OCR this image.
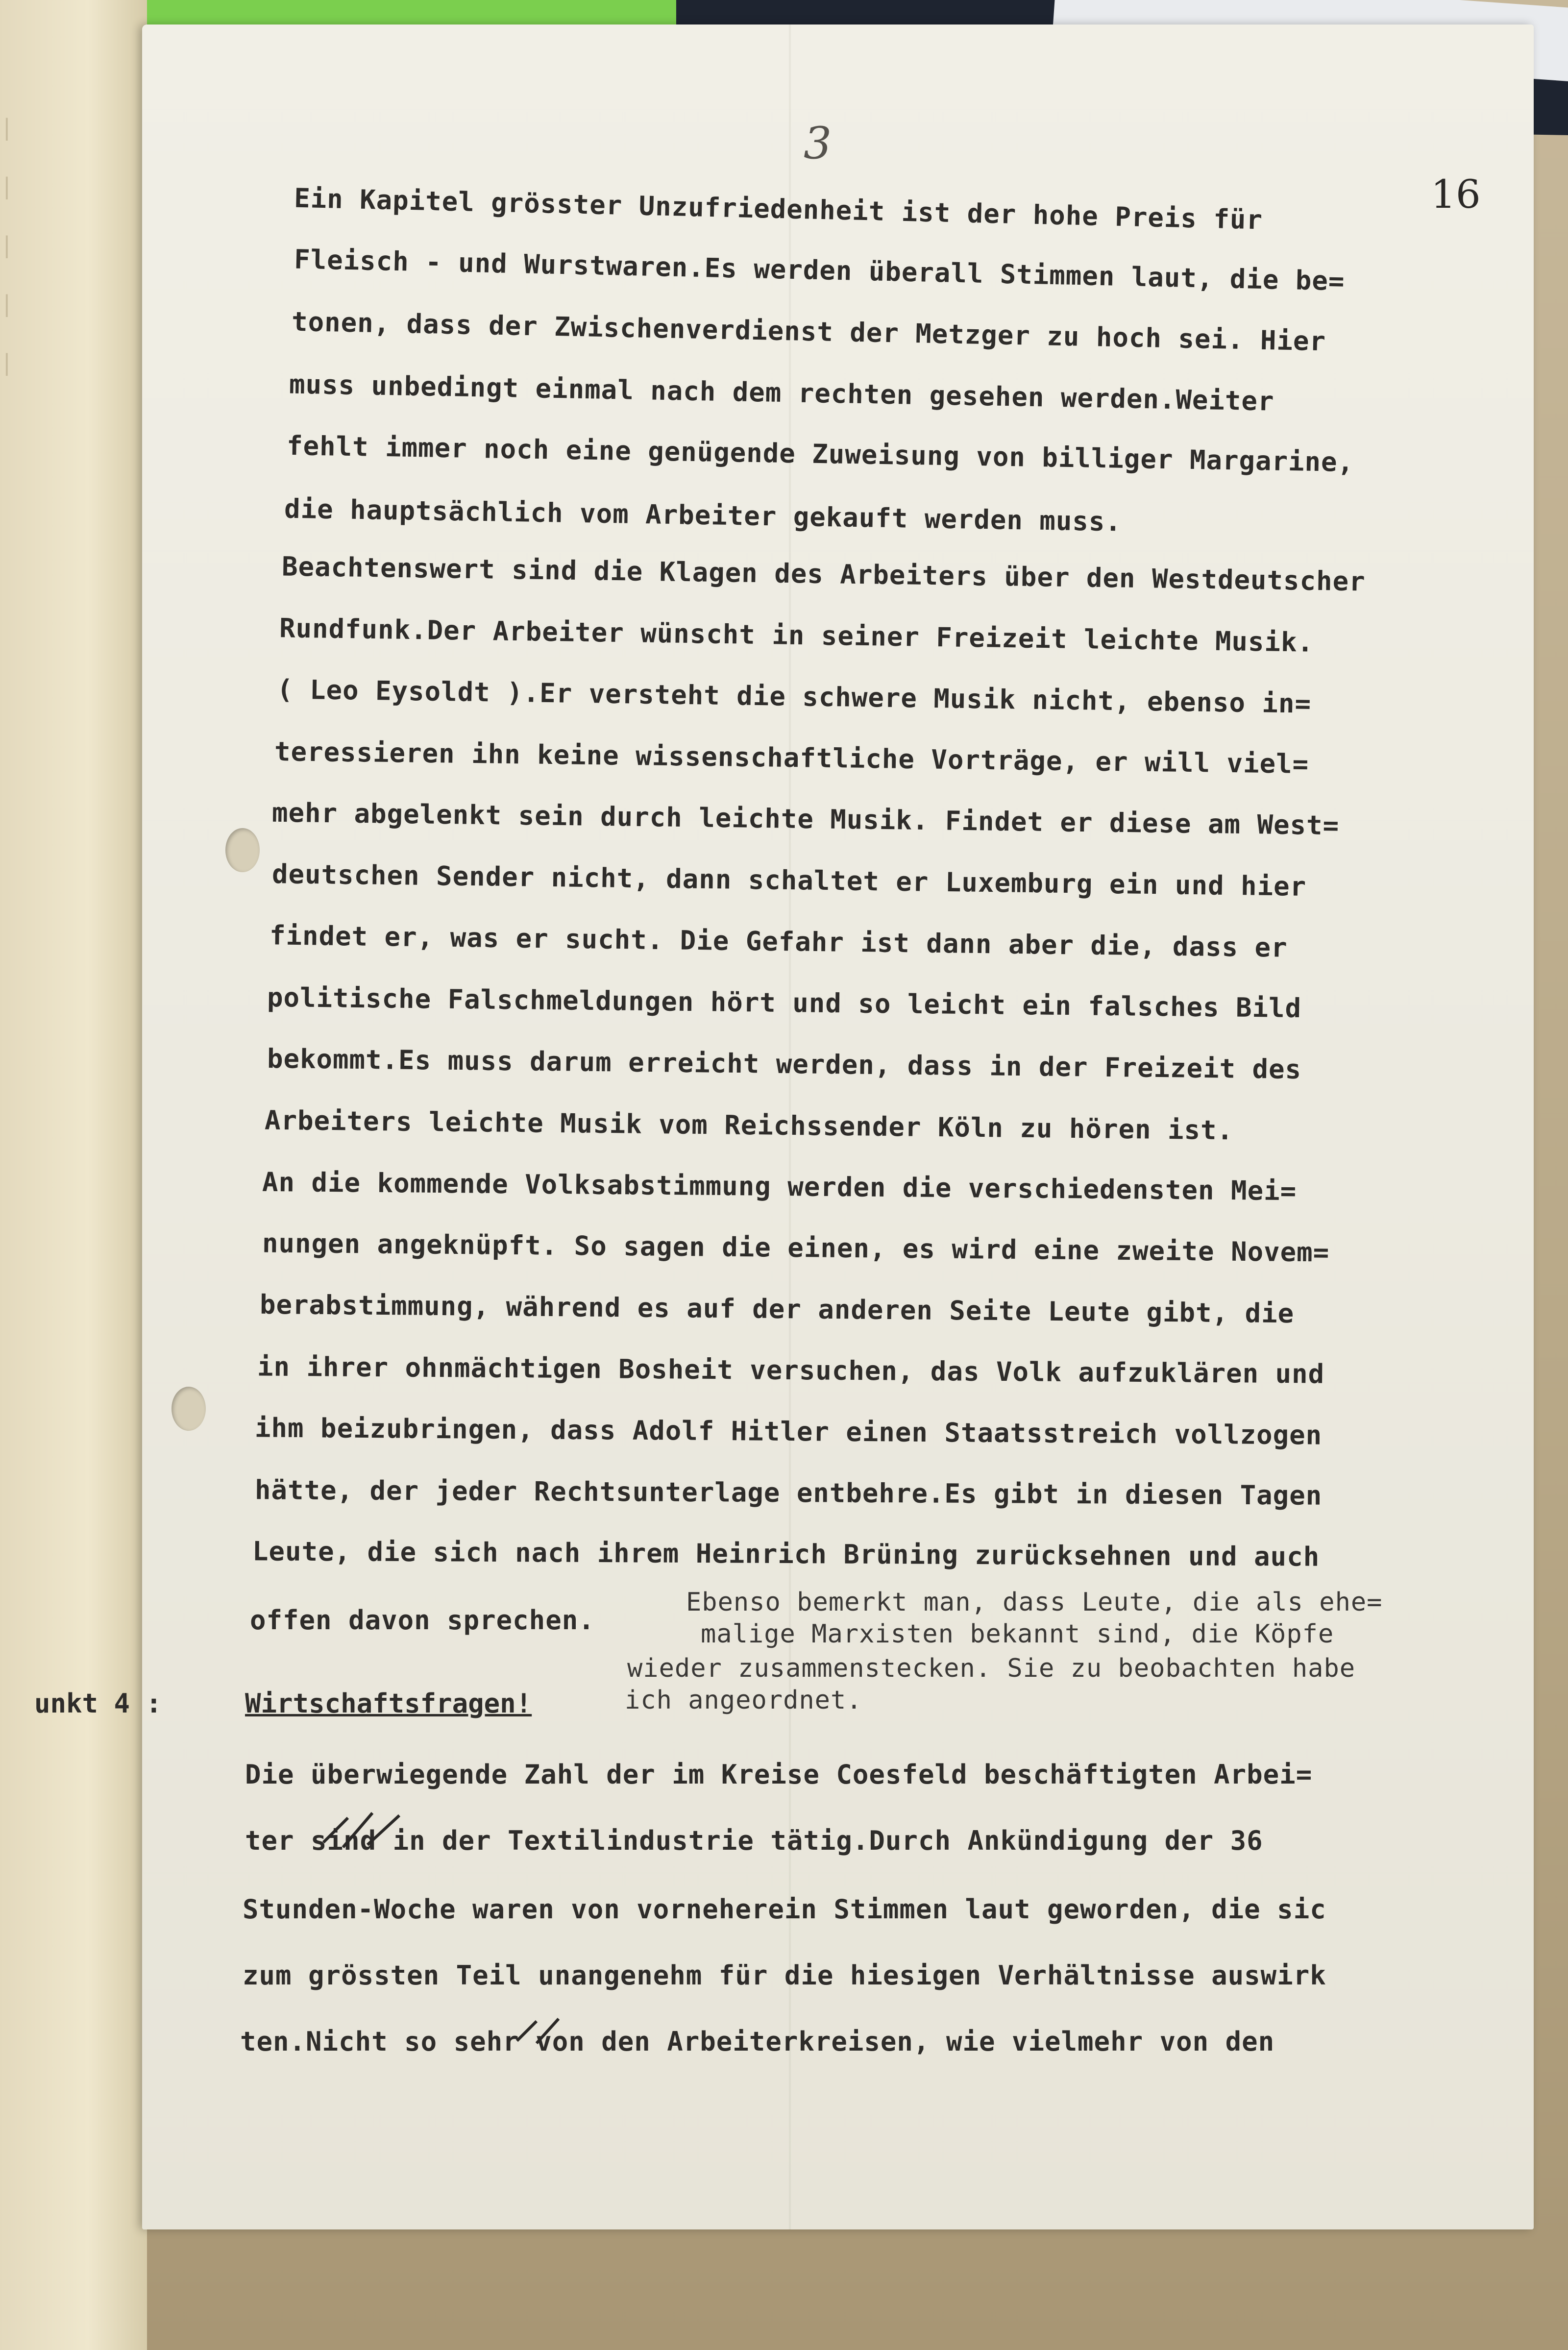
|
|
|
|
|
3
16
Ein Kapitel grösster Unzufriedenheit ist der hohe Preis für
Fleisch - und Wurstwaren.Es werden überall Stimmen laut, die be=
tonen, dass der Zwischenverdienst der Metzger zu hoch sei. Hier
muss unbedingt einmal nach dem rechten gesehen werden.Weiter
fehlt immer noch eine genügende Zuweisung von billiger Margarine,
die hauptsächlich vom Arbeiter gekauft werden muss.
Beachtenswert sind die Klagen des Arbeiters über den Westdeutscher
Rundfunk.Der Arbeiter wünscht in seiner Freizeit leichte Musik.
( Leo Eysoldt ).Er versteht die schwere Musik nicht, ebenso in=
teressieren ihn keine wissenschaftliche Vorträge, er will viel=
mehr abgelenkt sein durch leichte Musik. Findet er diese am West=
deutschen Sender nicht, dann schaltet er Luxemburg ein und hier
findet er, was er sucht. Die Gefahr ist dann aber die, dass er
politische Falschmeldungen hört und so leicht ein falsches Bild
bekommt.Es muss darum erreicht werden, dass in der Freizeit des
Arbeiters leichte Musik vom Reichssender Köln zu hören ist.
An die kommende Volksabstimmung werden die verschiedensten Mei=
nungen angeknüpft. So sagen die einen, es wird eine zweite Novem=
berabstimmung, während es auf der anderen Seite Leute gibt, die
in ihrer ohnmächtigen Bosheit versuchen, das Volk aufzuklären und
ihm beizubringen, dass Adolf Hitler einen Staatsstreich vollzogen
hätte, der jeder Rechtsunterlage entbehre.Es gibt in diesen Tagen
Leute, die sich nach ihrem Heinrich Brüning zurücksehnen und auch
offen davon sprechen.
Ebenso bemerkt man, dass Leute, die als ehe=
malige Marxisten bekannt sind, die Köpfe
wieder zusammenstecken. Sie zu beobachten habe
ich angeordnet.
unkt 4 :	Wirtschaftsfragen!
Die überwiegende Zahl der im Kreise Coesfeld beschäftigten Arbei=
ter sind in der Textilindustrie tätig.Durch Ankündigung der 36
Stunden-Woche waren von vorneherein Stimmen laut geworden, die sic
zum grössten Teil unangenehm für die hiesigen Verhältnisse auswirk
ten.Nicht so sehr von den Arbeiterkreisen, wie vielmehr von den
